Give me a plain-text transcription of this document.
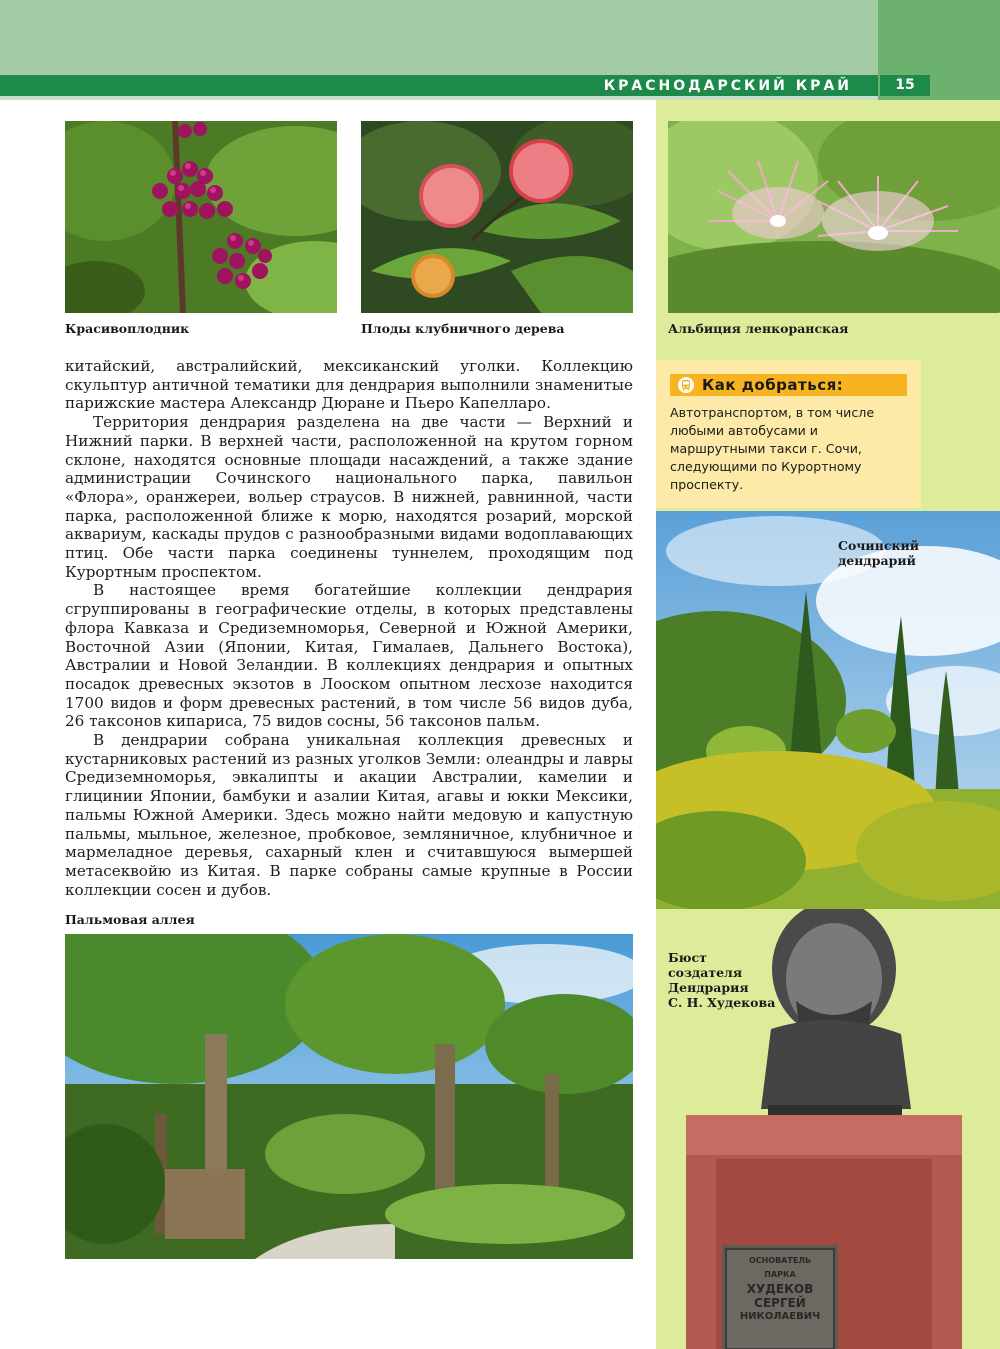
КРАСНОДАРСКИЙ КРАЙ	15
Красивоплодник	Плоды клубничного дерева	Альбиция ленкоранская

китайский, австралийский, мексиканский уголки. Коллекцию скульптур античной тематики для дендрария выполнили знаменитые парижские мастера Александр Дюране и Пьеро Капелларо.

Территория дендрария разделена на две части — Верхний и Нижний парки. В верхней части, расположенной на крутом горном склоне, находятся основные площади насаждений, а также здание администрации Сочинского национального парка, павильон «Флора», оранжереи, вольер страусов. В нижней, равнинной, части парка, расположенной ближе к морю, находятся розарий, морской аквариум, каскады прудов с разнообразными видами водоплавающих птиц. Обе части парка соединены туннелем, проходящим под Курортным проспектом.

В настоящее время богатейшие коллекции дендрария сгруппированы в географические отделы, в которых представлены флора Кавказа и Средиземноморья, Северной и Южной Америки, Восточной Азии (Японии, Китая, Гималаев, Дальнего Востока), Австралии и Новой Зеландии. В коллекциях дендрария и опытных посадок древесных экзотов в Лооском опытном лесхозе находится 1700 видов и форм древесных растений, в том числе 56 видов дуба, 26 таксонов кипариса, 75 видов сосны, 56 таксонов пальм.

В дендрарии собрана уникальная коллекция древесных и кустарниковых растений из разных уголков Земли: олеандры и лавры Средиземноморья, эвкалипты и акации Австралии, камелии и глицинии Японии, бамбуки и азалии Китая, агавы и юкки Мексики, пальмы Южной Америки. Здесь можно найти медовую и капустную пальмы, мыльное, железное, пробковое, земляничное, клубничное и мармеладное деревья, сахарный клен и считавшуюся вымершей метасеквойю из Китая. В парке собраны самые крупные в России коллекции сосен и дубов.

Как добраться:
Автотранспортом, в том числе любыми автобусами и маршрутными такси г. Сочи, следующими по Курортному проспекту.
Сочинский
дендрарий
Пальмовая аллея
ОСНОВАТЕЛЬ
ПАРКА
ХУДЕКОВ
СЕРГЕЙ
НИКОЛАЕВИЧ
Бюст
создателя
Дендрария
С. Н. Худекова
